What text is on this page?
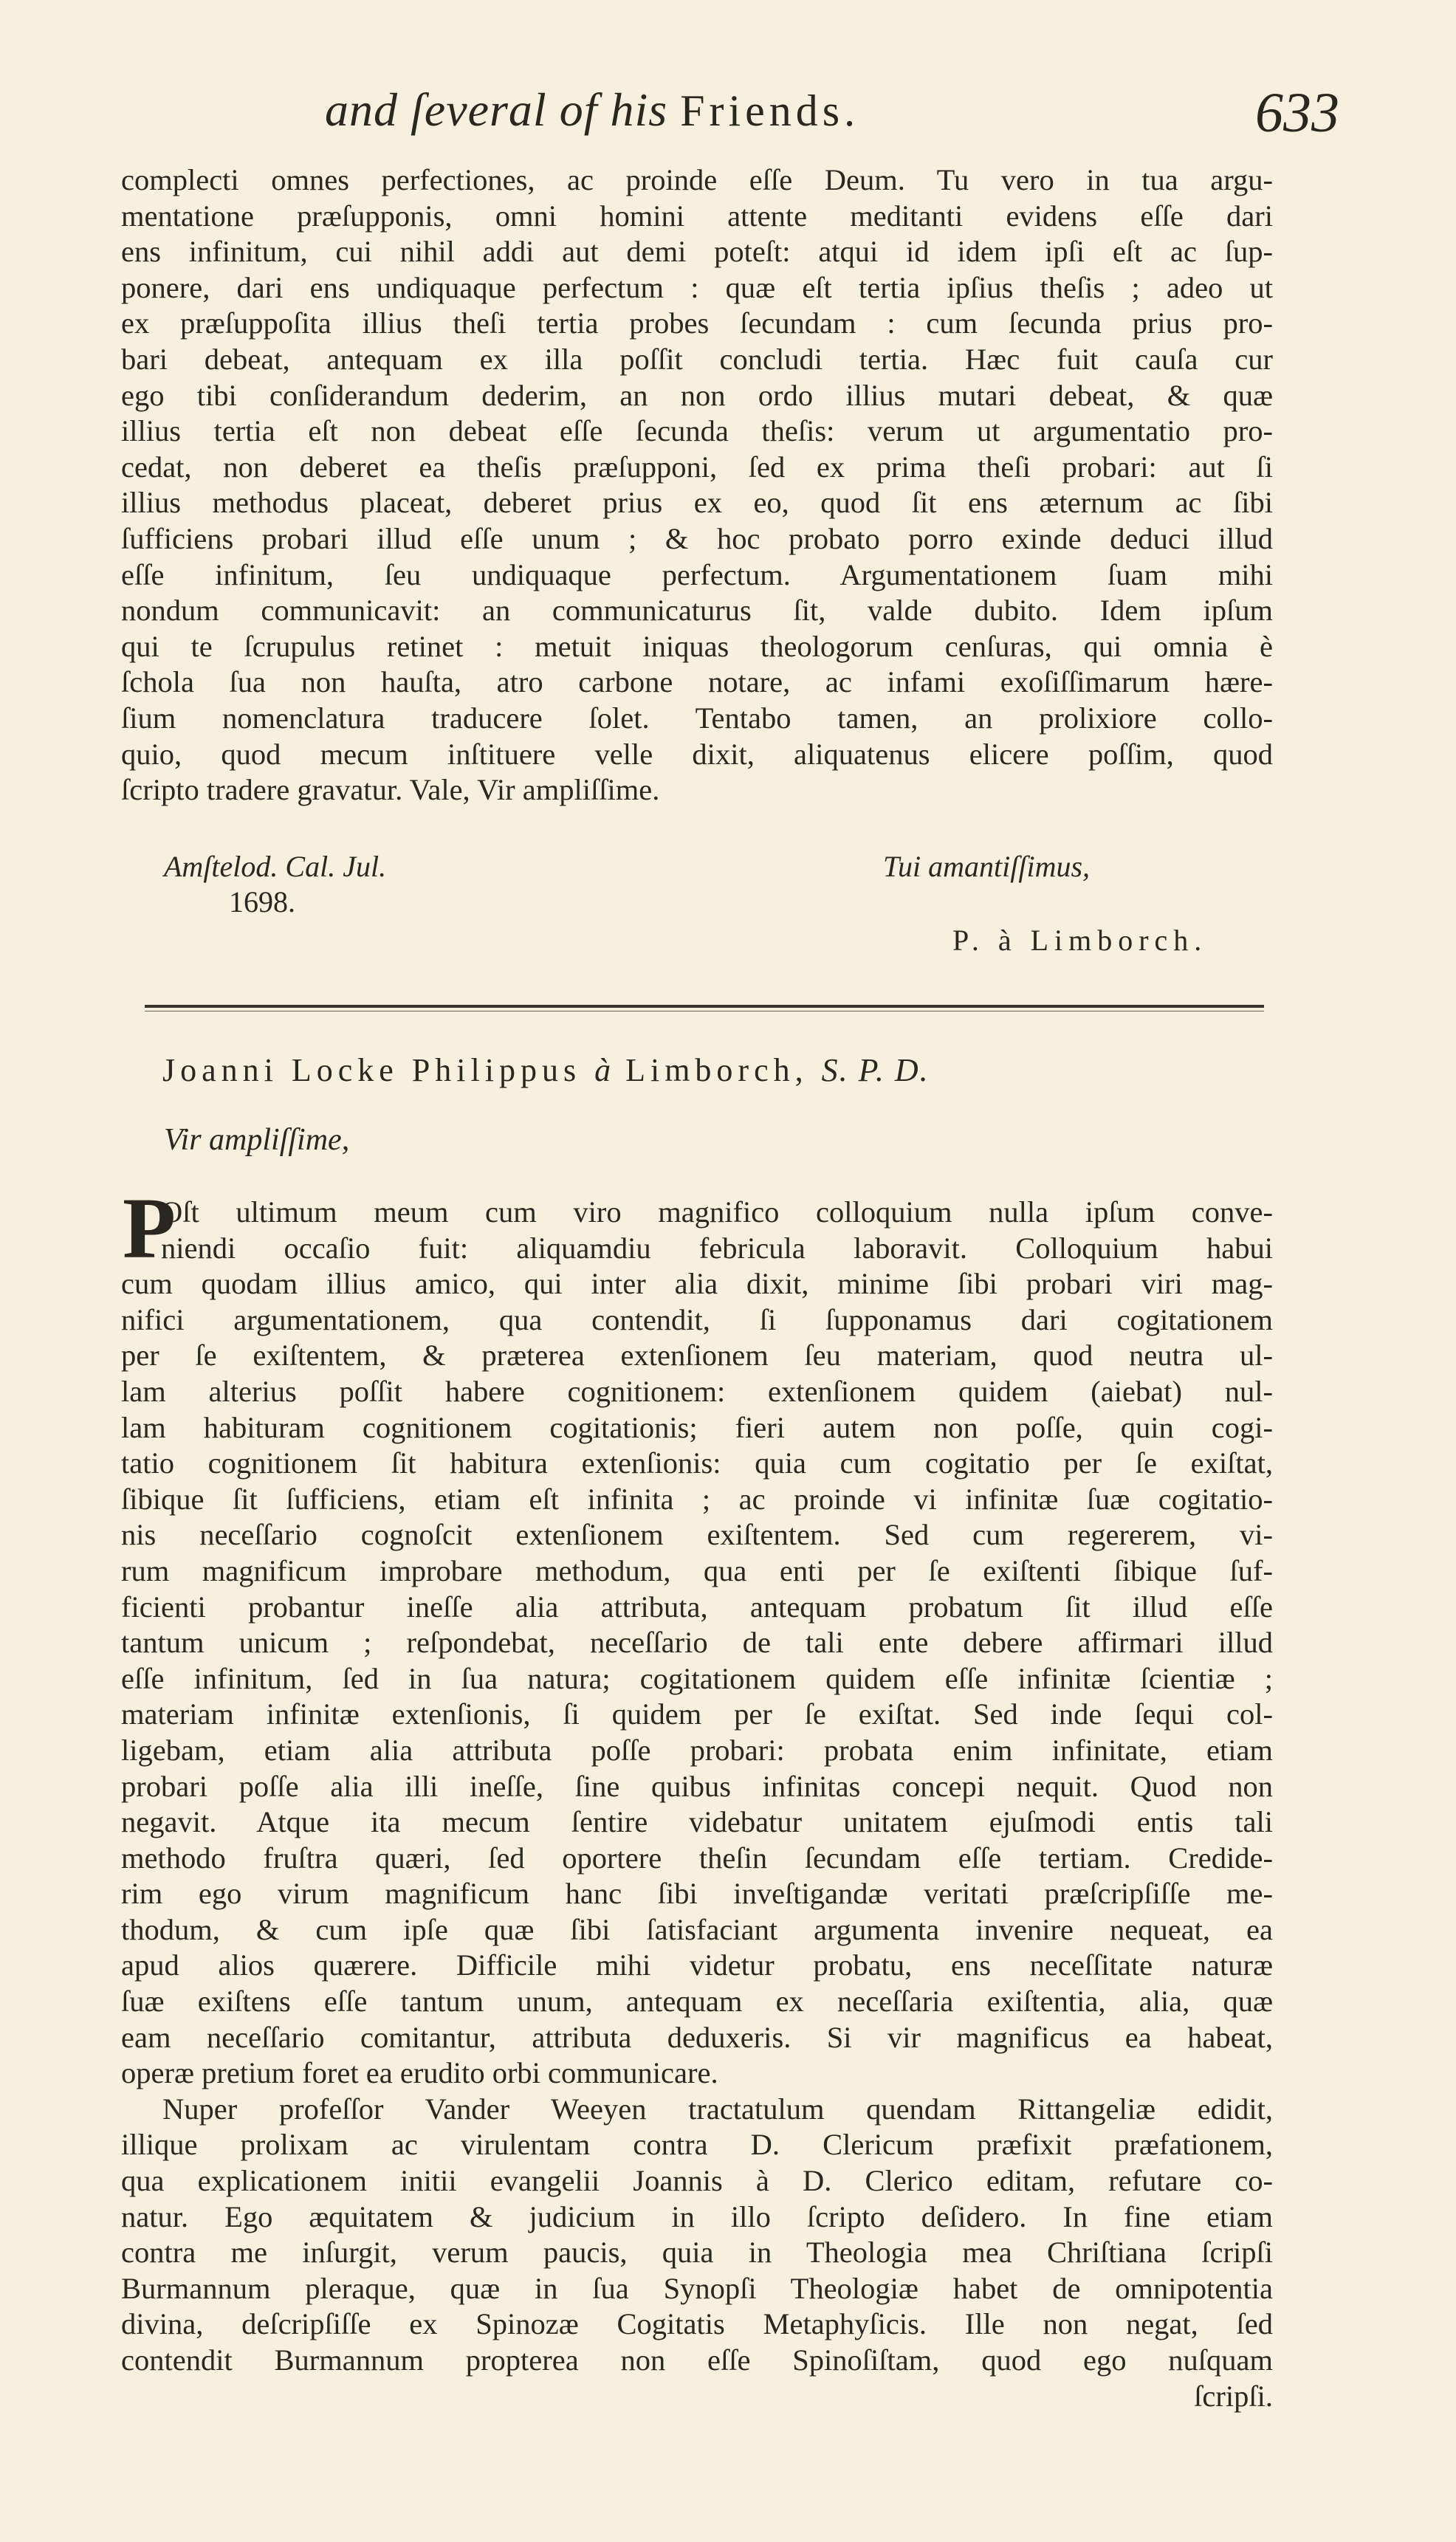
and ſeveral of his Friends.	633
complecti omnes perfectiones, ac proinde eſſe Deum. Tu vero in tua argu-
mentatione præſupponis, omni homini attente meditanti evidens eſſe dari
ens infinitum, cui nihil addi aut demi poteſt: atqui id idem ipſi eſt ac ſup-
ponere, dari ens undiquaque perfectum : quæ eſt tertia ipſius theſis ; adeo ut
ex præſuppoſita illius theſi tertia probes ſecundam : cum ſecunda prius pro-
bari debeat, antequam ex illa poſſit concludi tertia. Hæc fuit cauſa cur
ego tibi conſiderandum dederim, an non ordo illius mutari debeat, & quæ
illius tertia eſt non debeat eſſe ſecunda theſis: verum ut argumentatio pro-
cedat, non deberet ea theſis præſupponi, ſed ex prima theſi probari: aut ſi
illius methodus placeat, deberet prius ex eo, quod ſit ens æternum ac ſibi
ſufficiens probari illud eſſe unum ; & hoc probato porro exinde deduci illud
eſſe infinitum, ſeu undiquaque perfectum. Argumentationem ſuam mihi
nondum communicavit: an communicaturus ſit, valde dubito. Idem ipſum
qui te ſcrupulus retinet : metuit iniquas theologorum cenſuras, qui omnia è
ſchola ſua non hauſta, atro carbone notare, ac infami exoſiſſimarum hære-
ſium nomenclatura traducere ſolet. Tentabo tamen, an prolixiore collo-
quio, quod mecum inſtituere velle dixit, aliquatenus elicere poſſim, quod
ſcripto tradere gravatur. Vale, Vir ampliſſime.
Amſtelod. Cal. Jul.
1698.
Tui amantiſſimus,
P. à Limborch.
Joanni Locke Philippus à Limborch, S. P. D.
Vir ampliſſime,
P
Oſt ultimum meum cum viro magnifico colloquium nulla ipſum conve-
niendi occaſio fuit: aliquamdiu febricula laboravit. Colloquium habui
cum quodam illius amico, qui inter alia dixit, minime ſibi probari viri mag-
nifici argumentationem, qua contendit, ſi ſupponamus dari cogitationem
per ſe exiſtentem, & præterea extenſionem ſeu materiam, quod neutra ul-
lam alterius poſſit habere cognitionem: extenſionem quidem (aiebat) nul-
lam habituram cognitionem cogitationis; fieri autem non poſſe, quin cogi-
tatio cognitionem ſit habitura extenſionis: quia cum cogitatio per ſe exiſtat,
ſibique ſit ſufficiens, etiam eſt infinita ; ac proinde vi infinitæ ſuæ cogitatio-
nis neceſſario cognoſcit extenſionem exiſtentem. Sed cum regererem, vi-
rum magnificum improbare methodum, qua enti per ſe exiſtenti ſibique ſuf-
ficienti probantur ineſſe alia attributa, antequam probatum ſit illud eſſe
tantum unicum ; reſpondebat, neceſſario de tali ente debere affirmari illud
eſſe infinitum, ſed in ſua natura; cogitationem quidem eſſe infinitæ ſcientiæ ;
materiam infinitæ extenſionis, ſi quidem per ſe exiſtat. Sed inde ſequi col-
ligebam, etiam alia attributa poſſe probari: probata enim infinitate, etiam
probari poſſe alia illi ineſſe, ſine quibus infinitas concepi nequit. Quod non
negavit. Atque ita mecum ſentire videbatur unitatem ejuſmodi entis tali
methodo fruſtra quæri, ſed oportere theſin ſecundam eſſe tertiam. Credide-
rim ego virum magnificum hanc ſibi inveſtigandæ veritati præſcripſiſſe me-
thodum, & cum ipſe quæ ſibi ſatisfaciant argumenta invenire nequeat, ea
apud alios quærere. Difficile mihi videtur probatu, ens neceſſitate naturæ
ſuæ exiſtens eſſe tantum unum, antequam ex neceſſaria exiſtentia, alia, quæ
eam neceſſario comitantur, attributa deduxeris. Si vir magnificus ea habeat,
operæ pretium foret ea erudito orbi communicare.
Nuper profeſſor Vander Weeyen tractatulum quendam Rittangeliæ edidit,
illique prolixam ac virulentam contra D. Clericum præfixit præfationem,
qua explicationem initii evangelii Joannis à D. Clerico editam, refutare co-
natur. Ego æquitatem & judicium in illo ſcripto deſidero. In fine etiam
contra me inſurgit, verum paucis, quia in Theologia mea Chriſtiana ſcripſi
Burmannum pleraque, quæ in ſua Synopſi Theologiæ habet de omnipotentia
divina, deſcripſiſſe ex Spinozæ Cogitatis Metaphyſicis. Ille non negat, ſed
contendit Burmannum propterea non eſſe Spinoſiſtam, quod ego nuſquam
ſcripſi.
